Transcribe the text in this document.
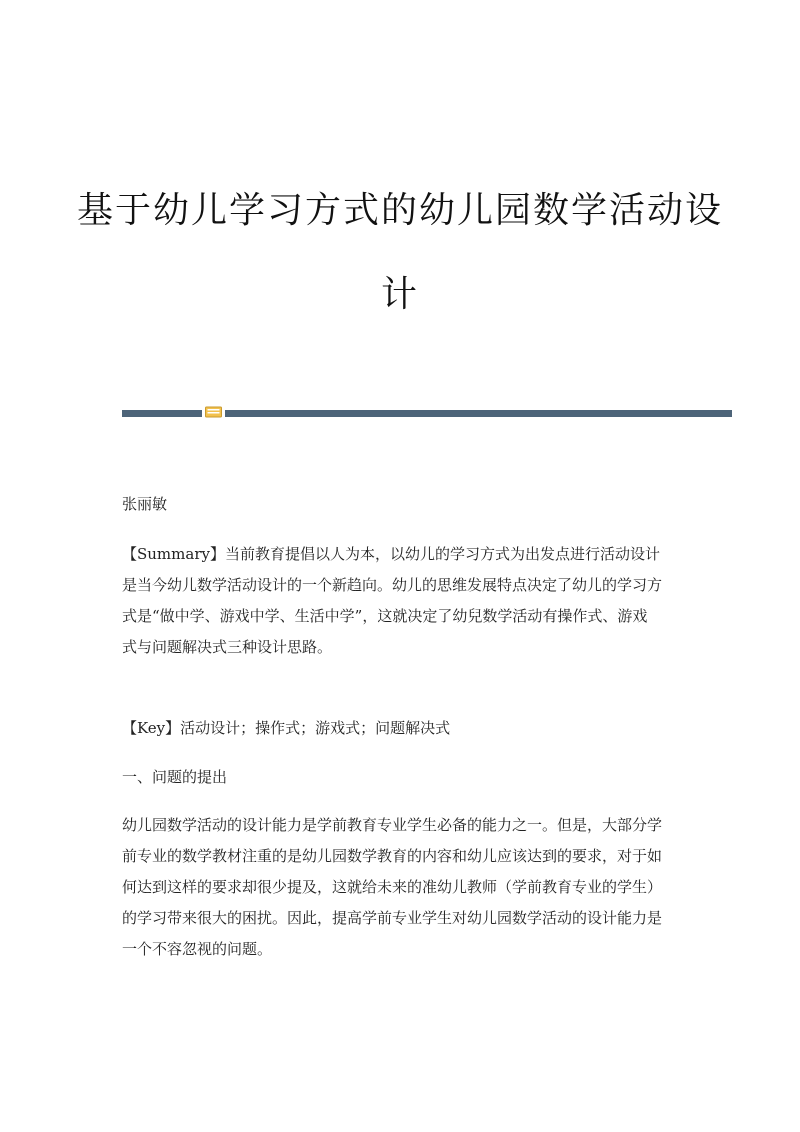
基于幼儿学习方式的幼儿园数学活动设
计

张丽敏

【Summary】当前教育提倡以人为本，以幼儿的学习方式为出发点进行活动设计是当今幼儿数学活动设计的一个新趋向。幼儿的思维发展特点决定了幼儿的学习方式是“做中学、游戏中学、生活中学”，这就决定了幼兒数学活动有操作式、游戏式与问题解决式三种设计思路。

【Key】活动设计；操作式；游戏式；问题解决式

一、问题的提出

幼儿园数学活动的设计能力是学前教育专业学生必备的能力之一。但是，大部分学前专业的数学教材注重的是幼儿园数学教育的内容和幼儿应该达到的要求，对于如何达到这样的要求却很少提及，这就给未来的准幼儿教师（学前教育专业的学生）的学习带来很大的困扰。因此，提高学前专业学生对幼儿园数学活动的设计能力是一个不容忽视的问题。
